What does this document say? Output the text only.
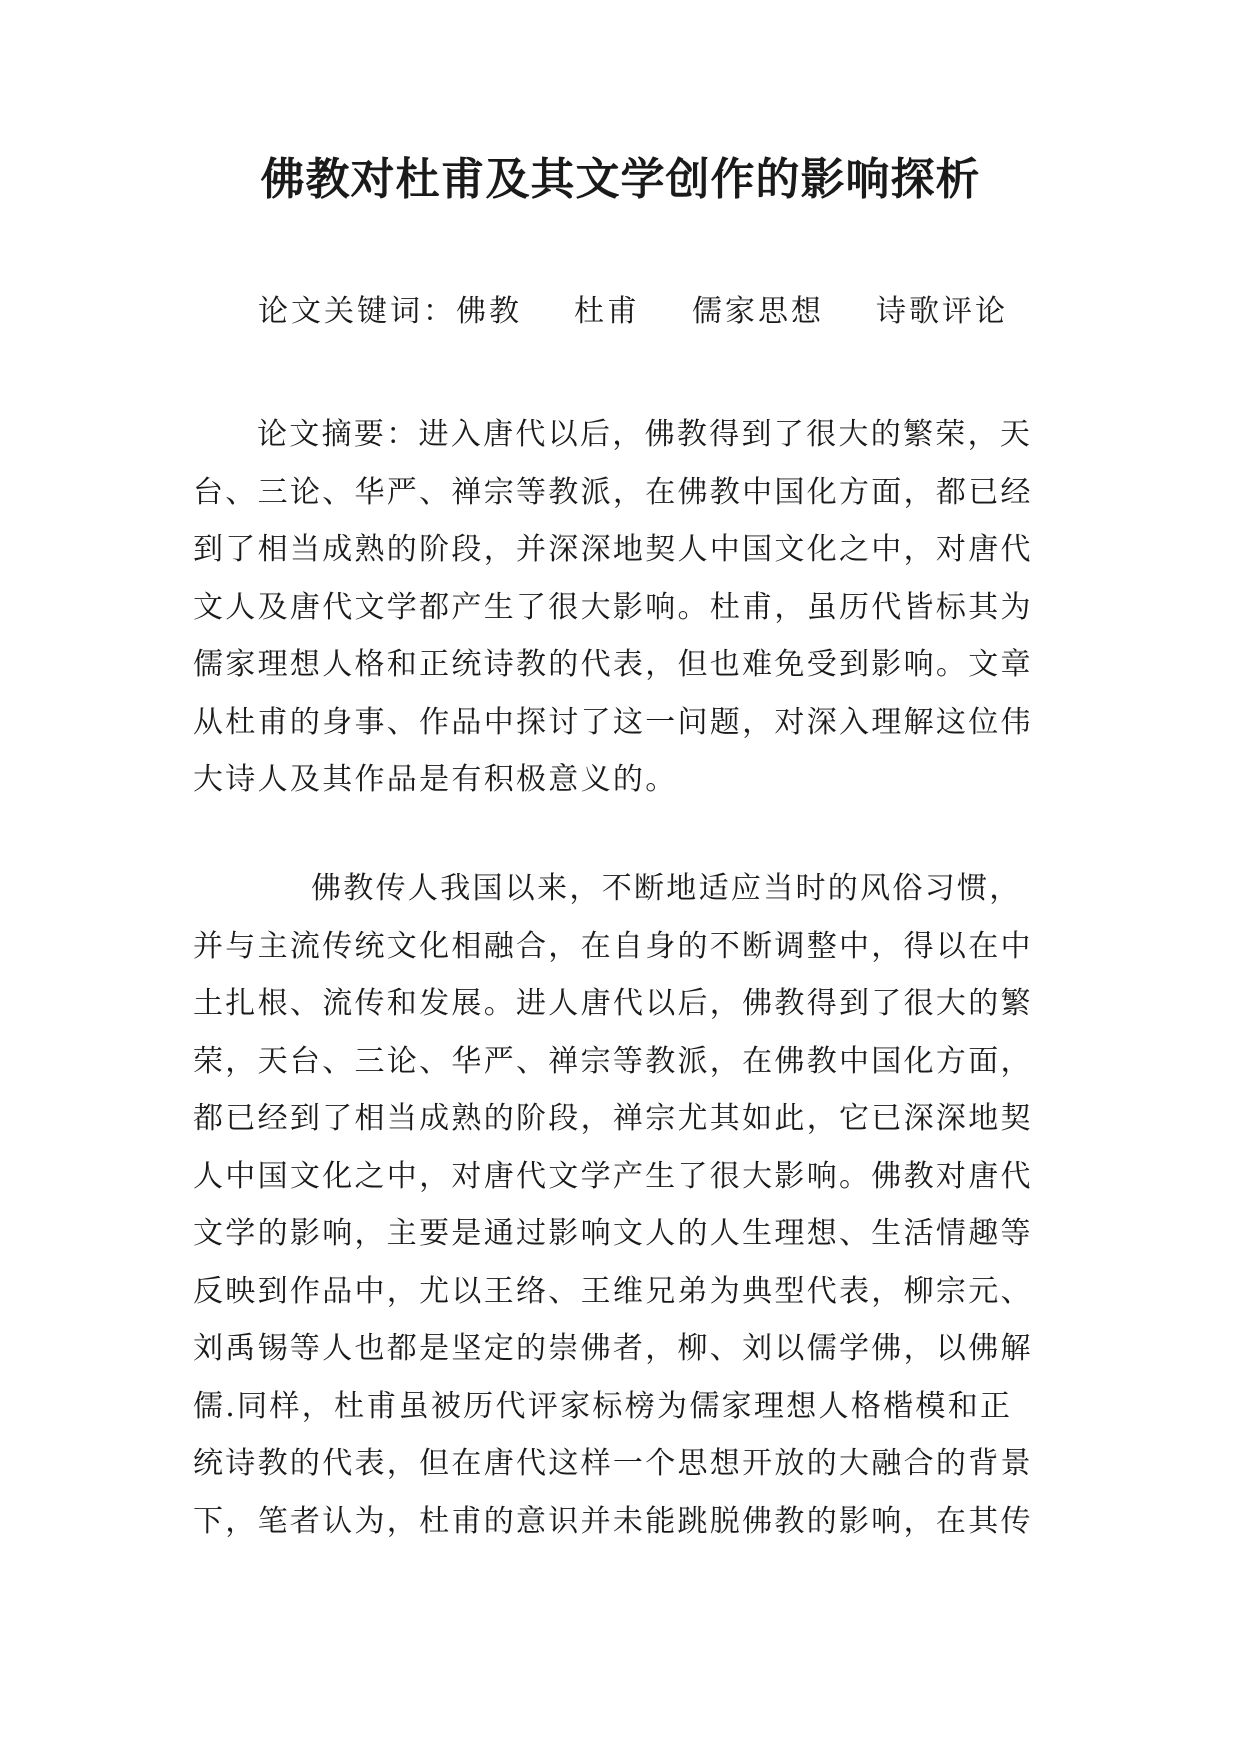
佛教对杜甫及其文学创作的影响探析
论文关键词：佛教 杜甫 儒家思想 诗歌评论
论文摘要：进入唐代以后，佛教得到了很大的繁荣，天
台、三论、华严、禅宗等教派，在佛教中国化方面，都已经
到了相当成熟的阶段，并深深地契人中国文化之中，对唐代
文人及唐代文学都产生了很大影响。杜甫，虽历代皆标其为
儒家理想人格和正统诗教的代表，但也难免受到影响。文章
从杜甫的身事、作品中探讨了这一问题，对深入理解这位伟
大诗人及其作品是有积极意义的。
佛教传人我国以来，不断地适应当时的风俗习惯，
并与主流传统文化相融合，在自身的不断调整中，得以在中
土扎根、流传和发展。进人唐代以后，佛教得到了很大的繁
荣，天台、三论、华严、禅宗等教派，在佛教中国化方面，
都已经到了相当成熟的阶段，禅宗尤其如此，它已深深地契
人中国文化之中，对唐代文学产生了很大影响。佛教对唐代
文学的影响，主要是通过影响文人的人生理想、生活情趣等
反映到作品中，尤以王络、王维兄弟为典型代表，柳宗元、
刘禹锡等人也都是坚定的崇佛者，柳、刘以儒学佛，以佛解
儒.同样，杜甫虽被历代评家标榜为儒家理想人格楷模和正
统诗教的代表，但在唐代这样一个思想开放的大融合的背景
下，笔者认为，杜甫的意识并未能跳脱佛教的影响，在其传
